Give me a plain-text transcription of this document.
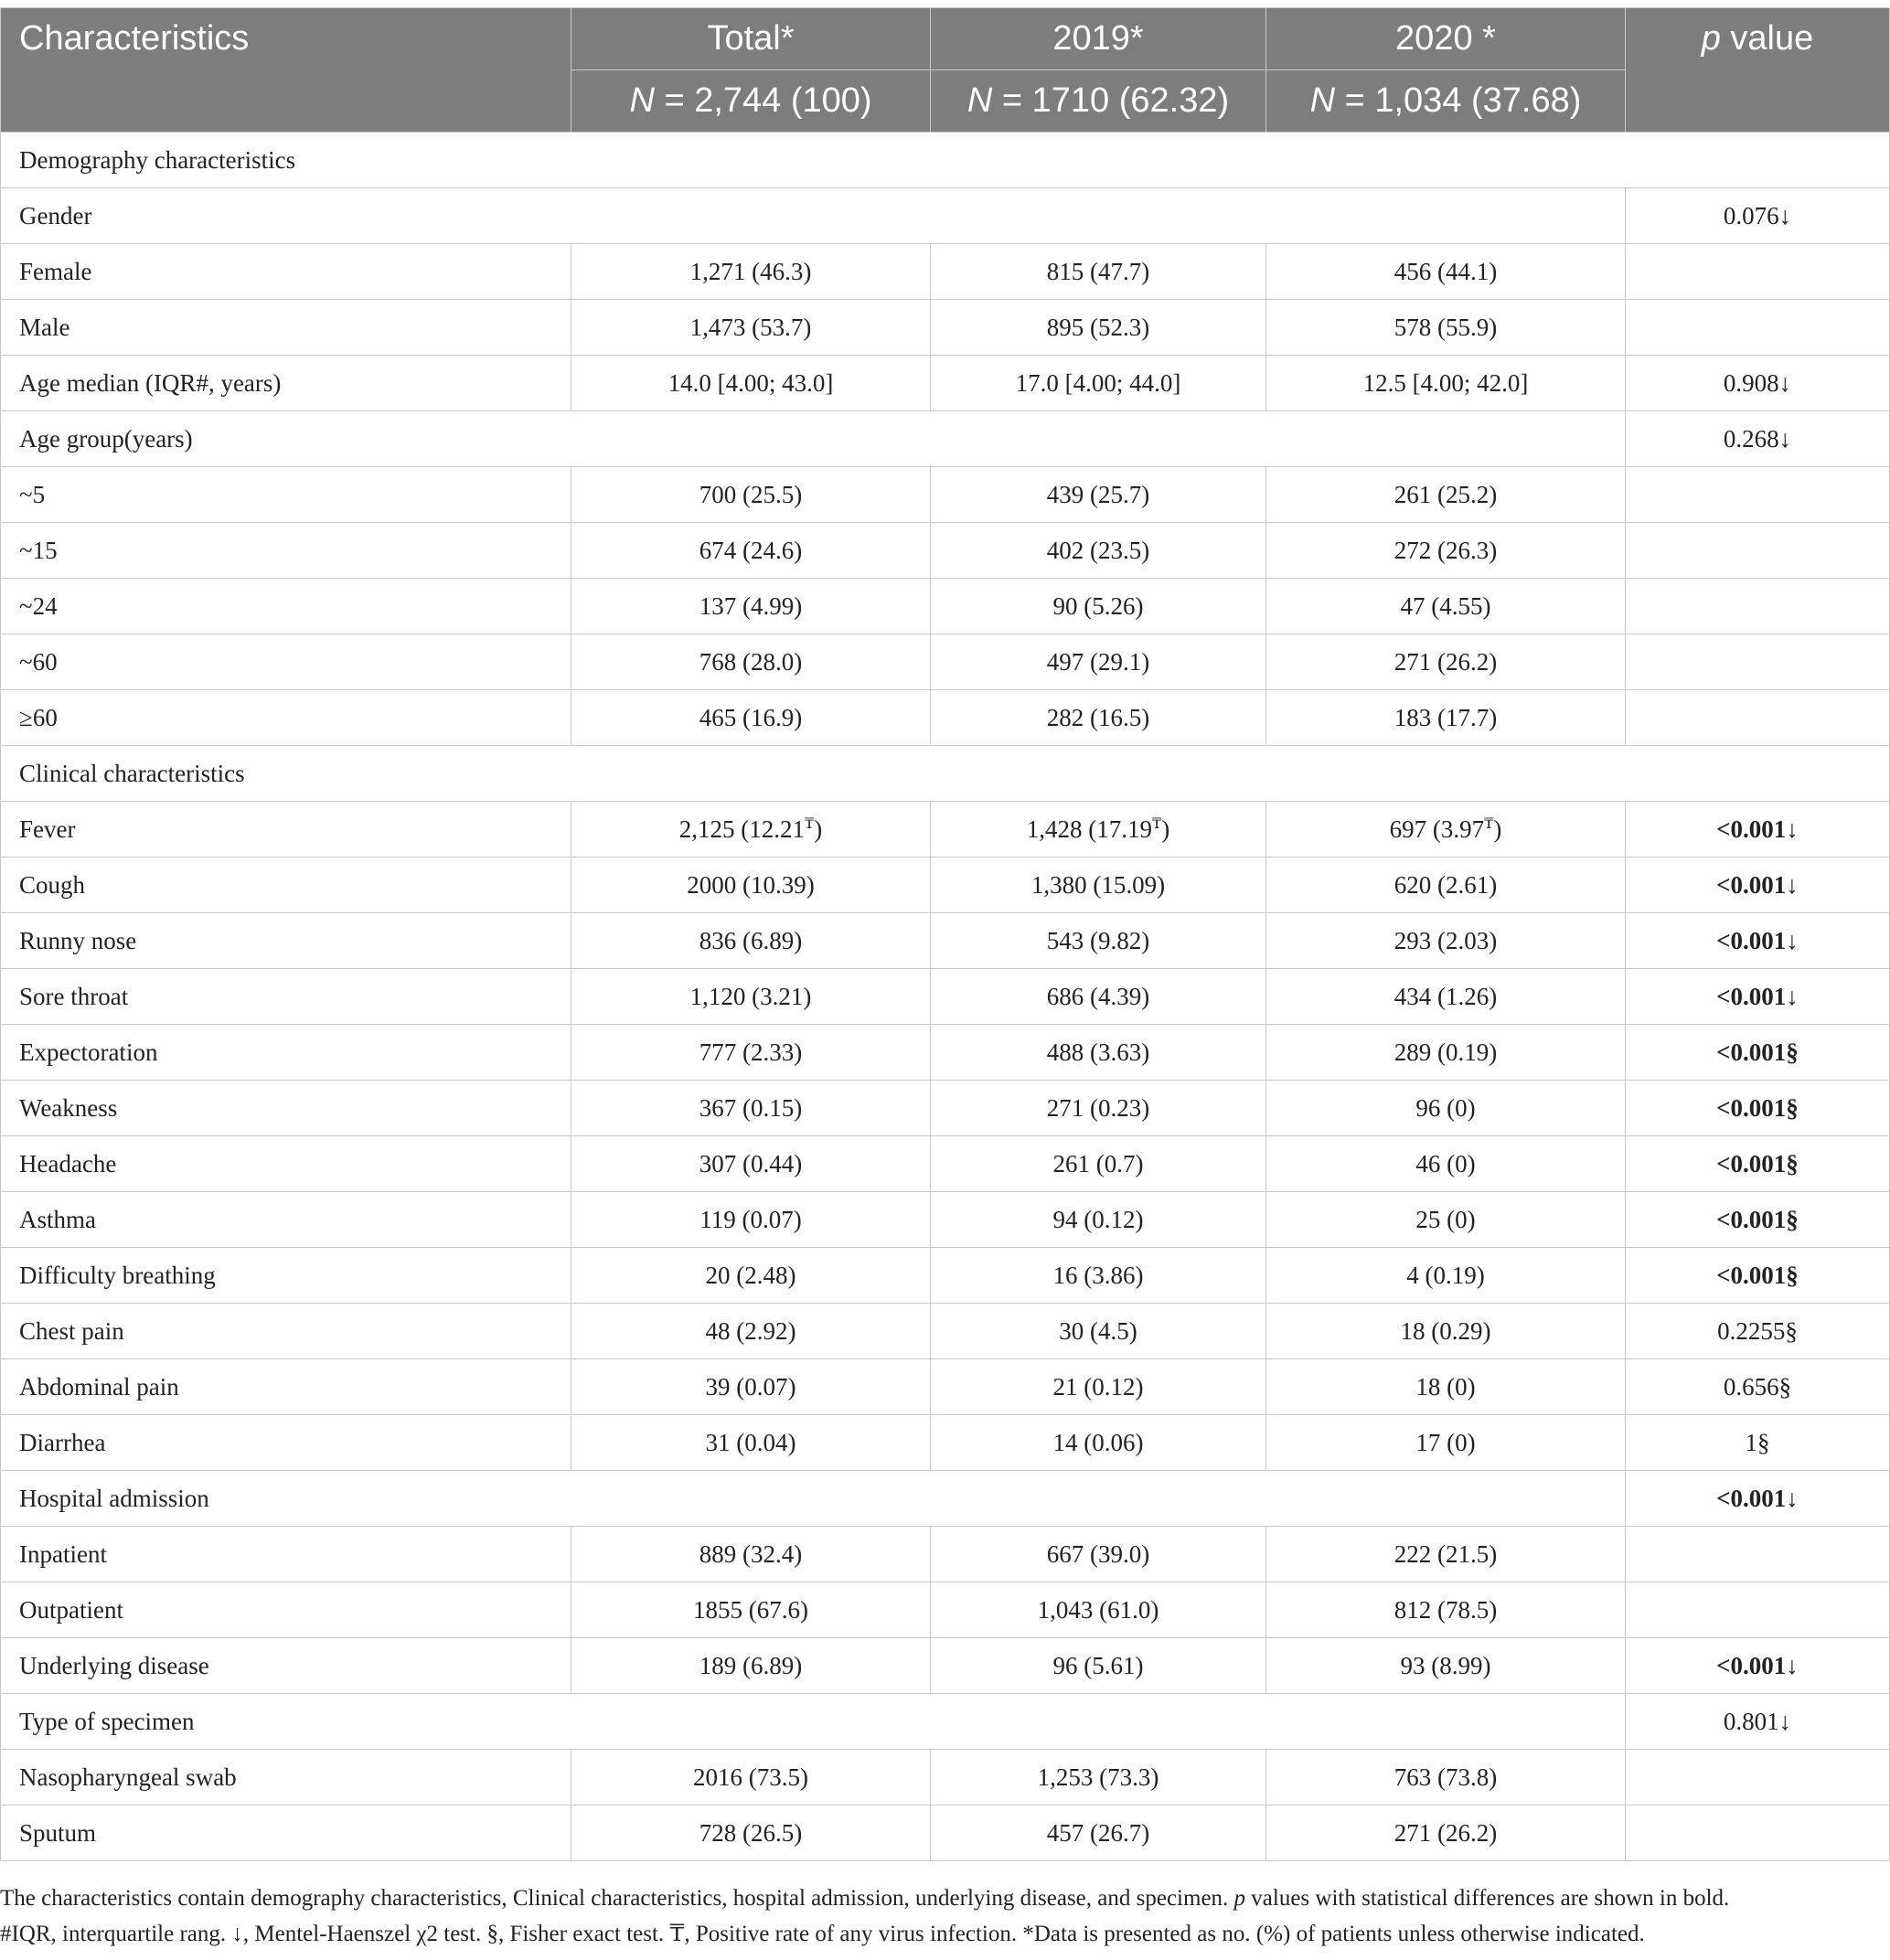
Characteristics	Total*	2019*	2020 *	p value
	N = 2,744 (100)	N = 1710 (62.32)	N = 1,034 (37.68)	
Demography characteristics				
Gender				0.076↓
Female	1,271 (46.3)	815 (47.7)	456 (44.1)	
Male	1,473 (53.7)	895 (52.3)	578 (55.9)	
Age median (IQR#, years)	14.0 [4.00; 43.0]	17.0 [4.00; 44.0]	12.5 [4.00; 42.0]	0.908↓
Age group(years)				0.268↓
~5	700 (25.5)	439 (25.7)	261 (25.2)	
~15	674 (24.6)	402 (23.5)	272 (26.3)	
~24	137 (4.99)	90 (5.26)	47 (4.55)	
~60	768 (28.0)	497 (29.1)	271 (26.2)	
≥60	465 (16.9)	282 (16.5)	183 (17.7)	
Clinical characteristics				
Fever	2,125 (12.21₸)	1,428 (17.19₸)	697 (3.97₸)	<0.001↓
Cough	2000 (10.39)	1,380 (15.09)	620 (2.61)	<0.001↓
Runny nose	836 (6.89)	543 (9.82)	293 (2.03)	<0.001↓
Sore throat	1,120 (3.21)	686 (4.39)	434 (1.26)	<0.001↓
Expectoration	777 (2.33)	488 (3.63)	289 (0.19)	<0.001§
Weakness	367 (0.15)	271 (0.23)	96 (0)	<0.001§
Headache	307 (0.44)	261 (0.7)	46 (0)	<0.001§
Asthma	119 (0.07)	94 (0.12)	25 (0)	<0.001§
Difficulty breathing	20 (2.48)	16 (3.86)	4 (0.19)	<0.001§
Chest pain	48 (2.92)	30 (4.5)	18 (0.29)	0.2255§
Abdominal pain	39 (0.07)	21 (0.12)	18 (0)	0.656§
Diarrhea	31 (0.04)	14 (0.06)	17 (0)	1§
Hospital admission				<0.001↓
Inpatient	889 (32.4)	667 (39.0)	222 (21.5)	
Outpatient	1855 (67.6)	1,043 (61.0)	812 (78.5)	
Underlying disease	189 (6.89)	96 (5.61)	93 (8.99)	<0.001↓
Type of specimen				0.801↓
Nasopharyngeal swab	2016 (73.5)	1,253 (73.3)	763 (73.8)	
Sputum	728 (26.5)	457 (26.7)	271 (26.2)	
The characteristics contain demography characteristics, Clinical characteristics, hospital admission, underlying disease, and specimen. p values with statistical differences are shown in bold.
#IQR, interquartile rang. ↓, Mentel-Haenszel χ2 test. §, Fisher exact test. ₸, Positive rate of any virus infection. *Data is presented as no. (%) of patients unless otherwise indicated.
